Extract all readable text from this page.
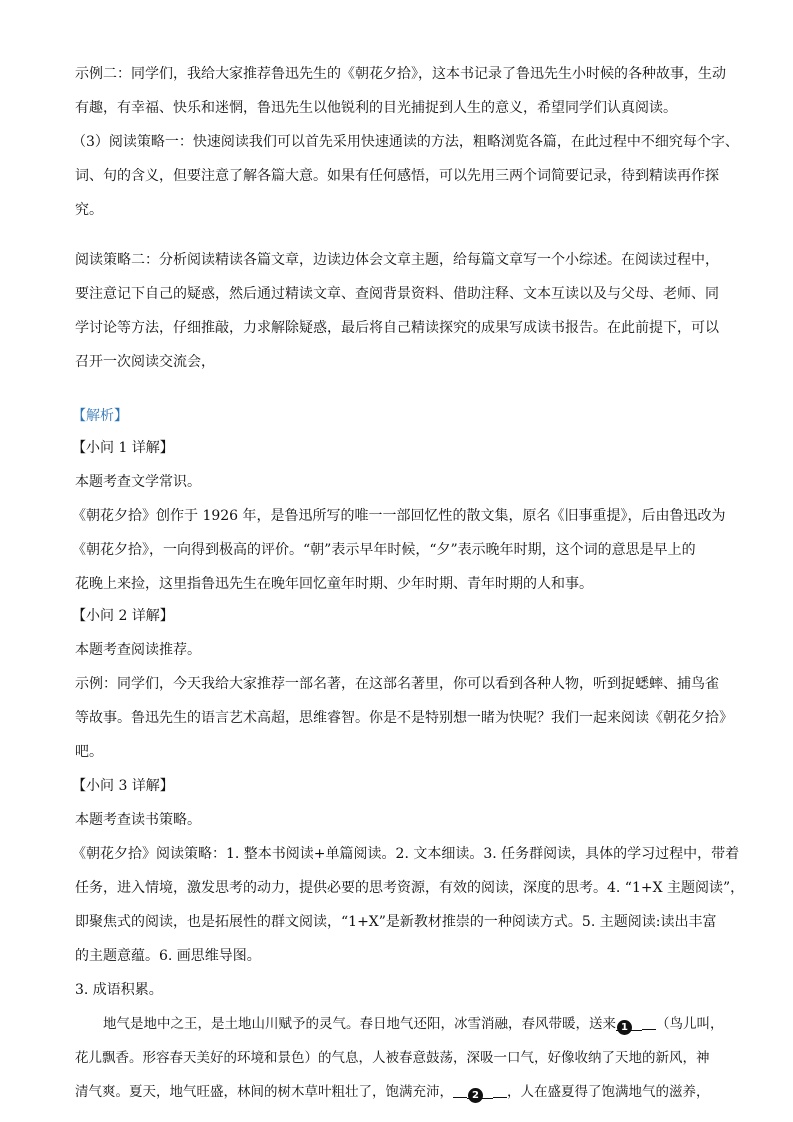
示例二：同学们，我给大家推荐鲁迅先生的《朝花夕拾》，这本书记录了鲁迅先生小时候的各种故事，生动
有趣，有幸福、快乐和迷惘，鲁迅先生以他锐利的目光捕捉到人生的意义，希望同学们认真阅读。
（3）阅读策略一：快速阅读我们可以首先采用快速通读的方法，粗略浏览各篇，在此过程中不细究每个字、
词、句的含义，但要注意了解各篇大意。如果有任何感悟，可以先用三两个词简要记录，待到精读再作探
究。
阅读策略二：分析阅读精读各篇文章，边读边体会文章主题，给每篇文章写一个小综述。在阅读过程中，
要注意记下自己的疑惑，然后通过精读文章、查阅背景资料、借助注释、文本互读以及与父母、老师、同
学讨论等方法，仔细推敲，力求解除疑惑，最后将自己精读探究的成果写成读书报告。在此前提下，可以
召开一次阅读交流会，
【解析】
【小问 1 详解】
本题考查文学常识。
《朝花夕拾》创作于 1926 年，是鲁迅所写的唯一一部回忆性的散文集，原名《旧事重提》，后由鲁迅改为
《朝花夕拾》，一向得到极高的评价。“朝”表示早年时候，“夕”表示晚年时期，这个词的意思是早上的
花晚上来捡，这里指鲁迅先生在晚年回忆童年时期、少年时期、青年时期的人和事。
【小问 2 详解】
本题考查阅读推荐。
示例：同学们，今天我给大家推荐一部名著，在这部名著里，你可以看到各种人物，听到捉蟋蟀、捕鸟雀
等故事。鲁迅先生的语言艺术高超，思维睿智。你是不是特别想一睹为快呢？我们一起来阅读《朝花夕拾》
吧。
【小问 3 详解】
本题考查读书策略。
《朝花夕拾》阅读策略：1. 整本书阅读+单篇阅读。2. 文本细读。3. 任务群阅读，具体的学习过程中，带着
任务，进入情境，激发思考的动力，提供必要的思考资源，有效的阅读，深度的思考。4. “1+X 主题阅读”，
即聚焦式的阅读，也是拓展性的群文阅读，“1+X”是新教材推崇的一种阅读方式。5. 主题阅读:读出丰富
的主题意蕴。6. 画思维导图。
3. 成语积累。
地气是地中之王，是土地山川赋予的灵气。春日地气还阳，冰雪消融，春风带暖，送来 1 （鸟儿叫，
花儿飘香。形容春天美好的环境和景色）的气息，人被春意鼓荡，深吸一口气，好像收纳了天地的新风，神
清气爽。夏天，地气旺盛，林间的树木草叶粗壮了，饱满充沛， 2 ，人在盛夏得了饱满地气的滋养，
